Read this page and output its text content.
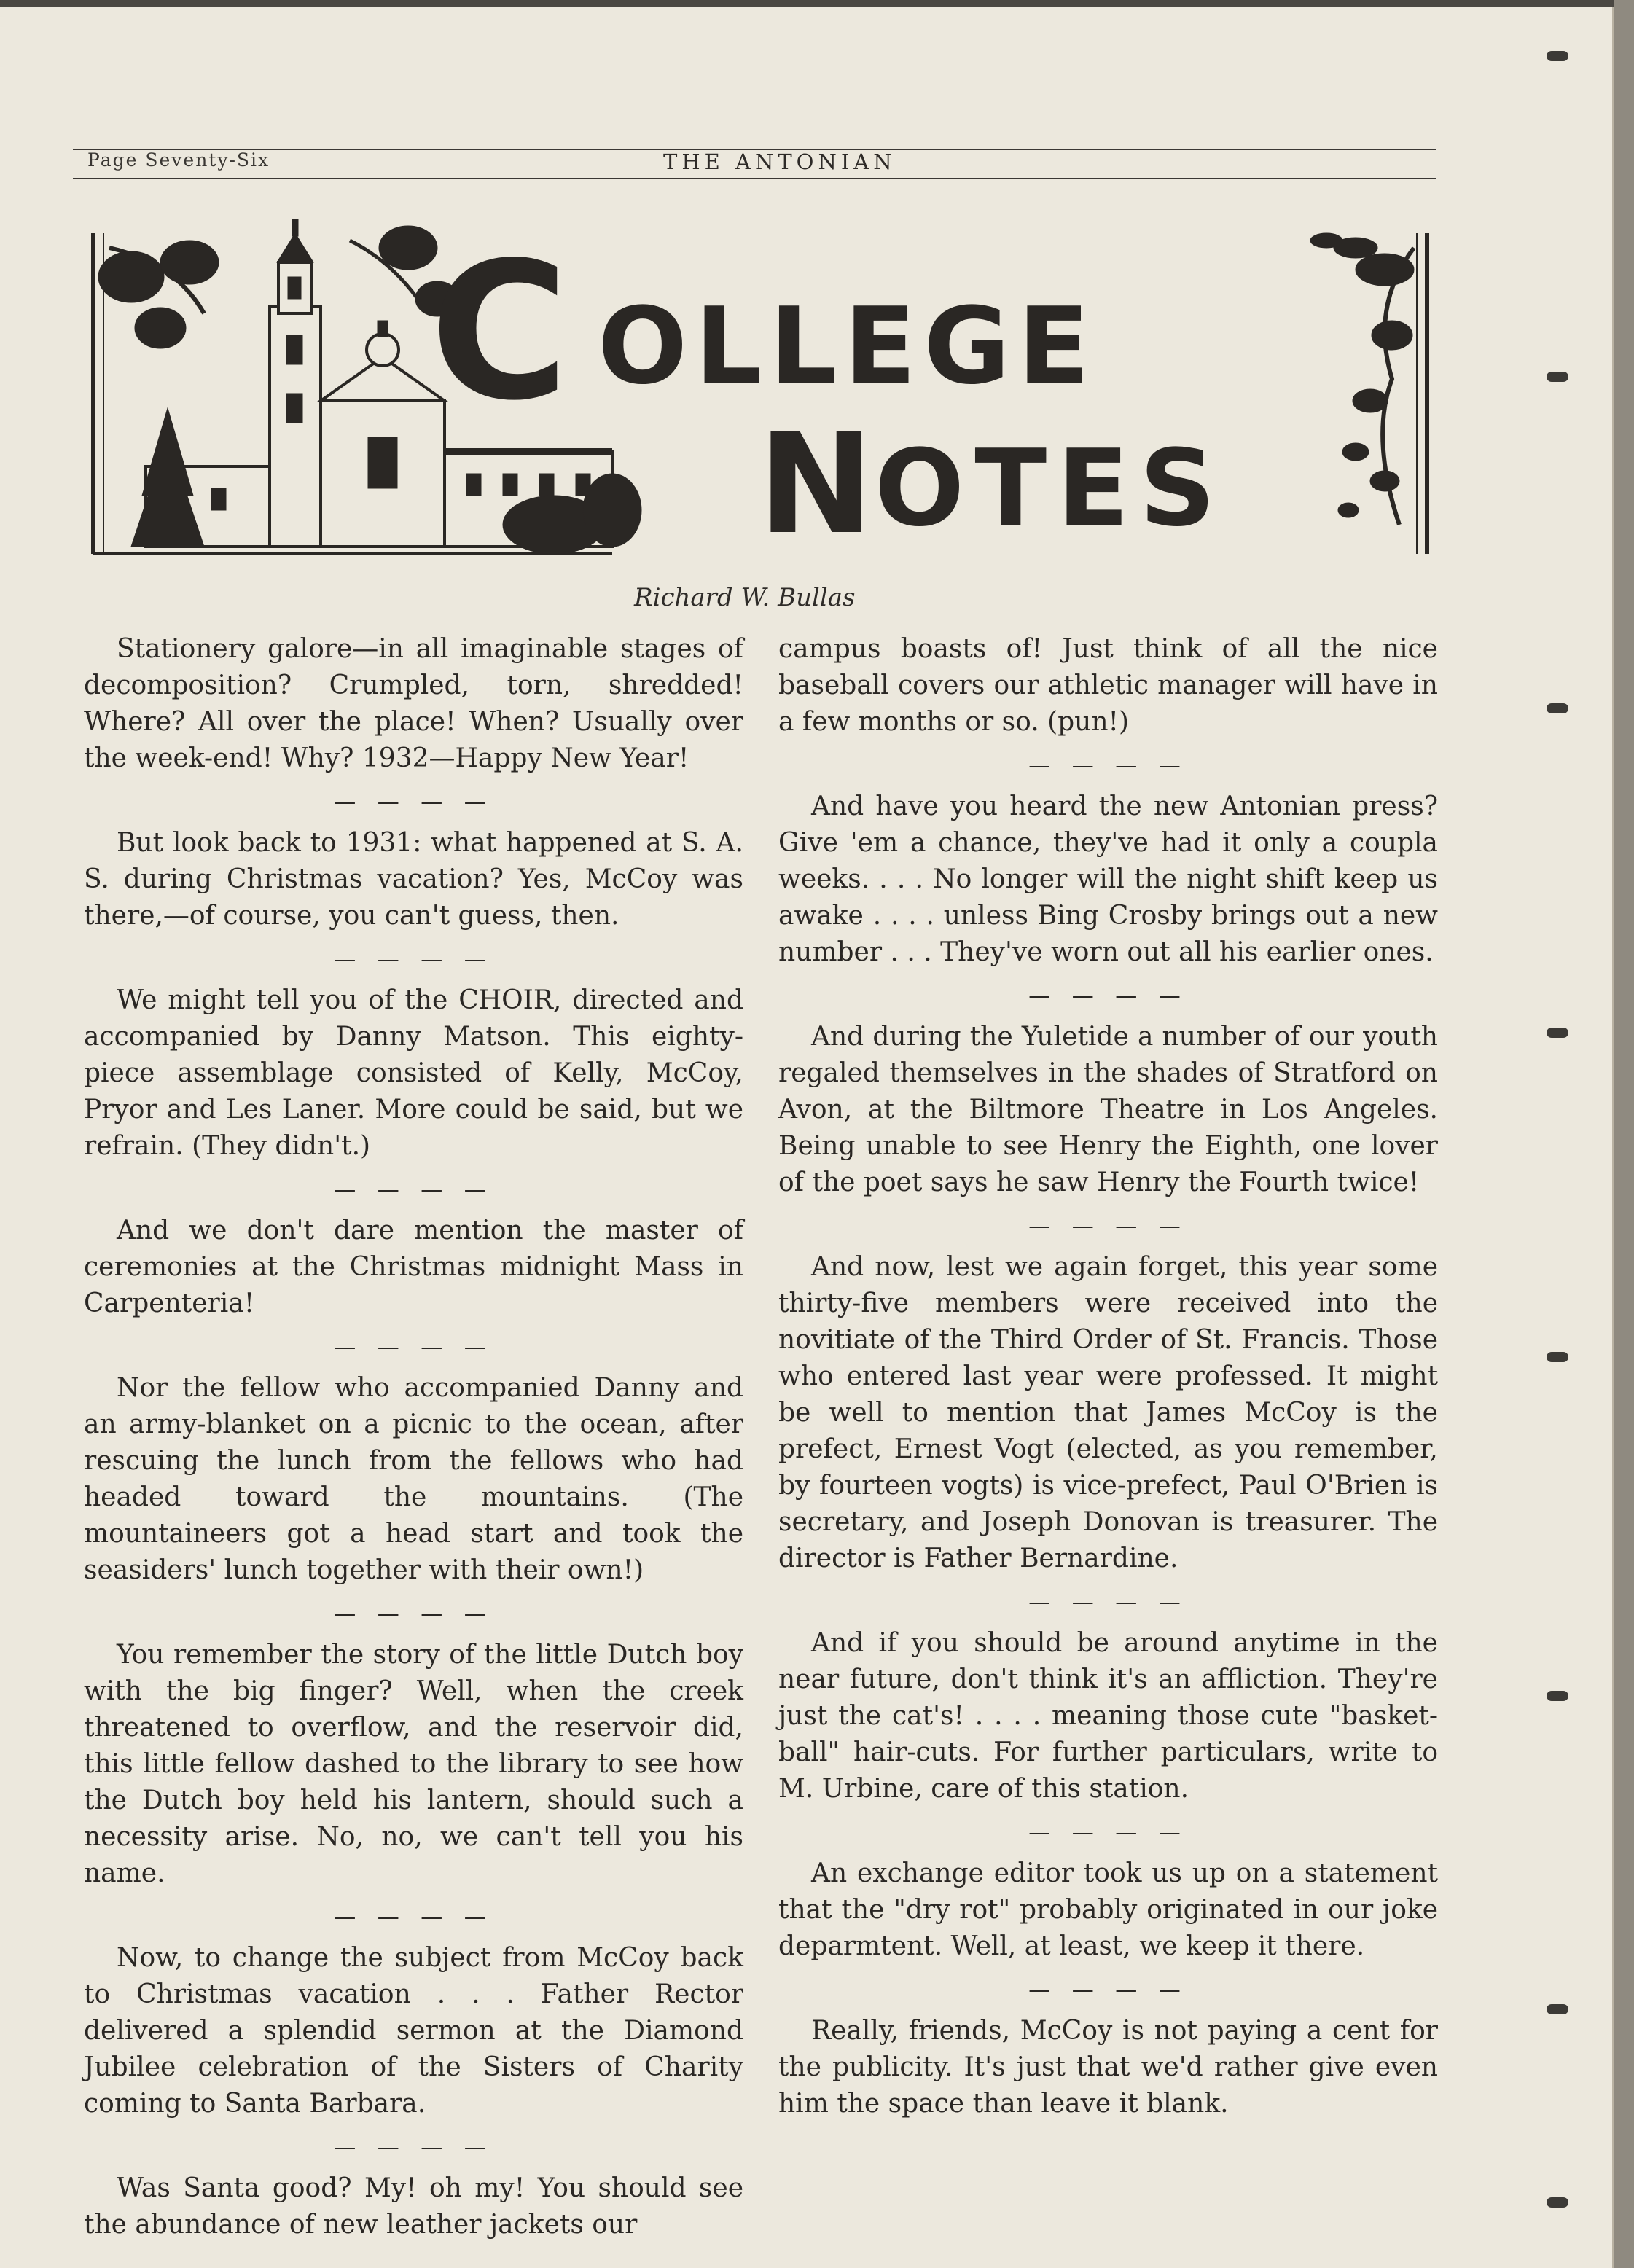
Page Seventy-Six	THE ANTONIAN
C OLLEGE
N OTES
Richard W. Bullas

Stationery galore—in all imaginable stages of decomposition? Crumpled, torn, shredded! Where? All over the place! When? Usually over the week-end! Why? 1932—Happy New Year!

— — — —

But look back to 1931: what happened at S. A. S. during Christmas vacation? Yes, McCoy was there,—of course, you can't guess, then.

— — — —

We might tell you of the CHOIR, directed and accompanied by Danny Matson. This eighty-piece assemblage consisted of Kelly, McCoy, Pryor and Les Laner. More could be said, but we refrain. (They didn't.)

— — — —

And we don't dare mention the master of ceremonies at the Christmas midnight Mass in Carpenteria!

— — — —

Nor the fellow who accompanied Danny and an army-blanket on a picnic to the ocean, after rescuing the lunch from the fellows who had headed toward the mountains. (The mountaineers got a head start and took the seasiders' lunch together with their own!)

— — — —

You remember the story of the little Dutch boy with the big finger? Well, when the creek threatened to overflow, and the reservoir did, this little fellow dashed to the library to see how the Dutch boy held his lantern, should such a necessity arise. No, no, we can't tell you his name.

— — — —

Now, to change the subject from McCoy back to Christmas vacation . . . Father Rector delivered a splendid sermon at the Diamond Jubilee celebration of the Sisters of Charity coming to Santa Barbara.

— — — —

Was Santa good? My! oh my! You should see the abundance of new leather jackets our

campus boasts of! Just think of all the nice baseball covers our athletic manager will have in a few months or so. (pun!)

— — — —

And have you heard the new Antonian press? Give 'em a chance, they've had it only a coupla weeks. . . . No longer will the night shift keep us awake . . . . unless Bing Crosby brings out a new number . . . They've worn out all his earlier ones.

— — — —

And during the Yuletide a number of our youth regaled themselves in the shades of Stratford on Avon, at the Biltmore Theatre in Los Angeles. Being unable to see Henry the Eighth, one lover of the poet says he saw Henry the Fourth twice!

— — — —

And now, lest we again forget, this year some thirty-five members were received into the novitiate of the Third Order of St. Francis. Those who entered last year were professed. It might be well to mention that James McCoy is the prefect, Ernest Vogt (elected, as you remember, by fourteen vogts) is vice-prefect, Paul O'Brien is secretary, and Joseph Donovan is treasurer. The director is Father Bernardine.

— — — —

And if you should be around anytime in the near future, don't think it's an affliction. They're just the cat's! . . . . meaning those cute "basket-ball" hair-cuts. For further particulars, write to M. Urbine, care of this station.

— — — —

An exchange editor took us up on a statement that the "dry rot" probably originated in our joke deparmtent. Well, at least, we keep it there.

— — — —

Really, friends, McCoy is not paying a cent for the publicity. It's just that we'd rather give even him the space than leave it blank.
